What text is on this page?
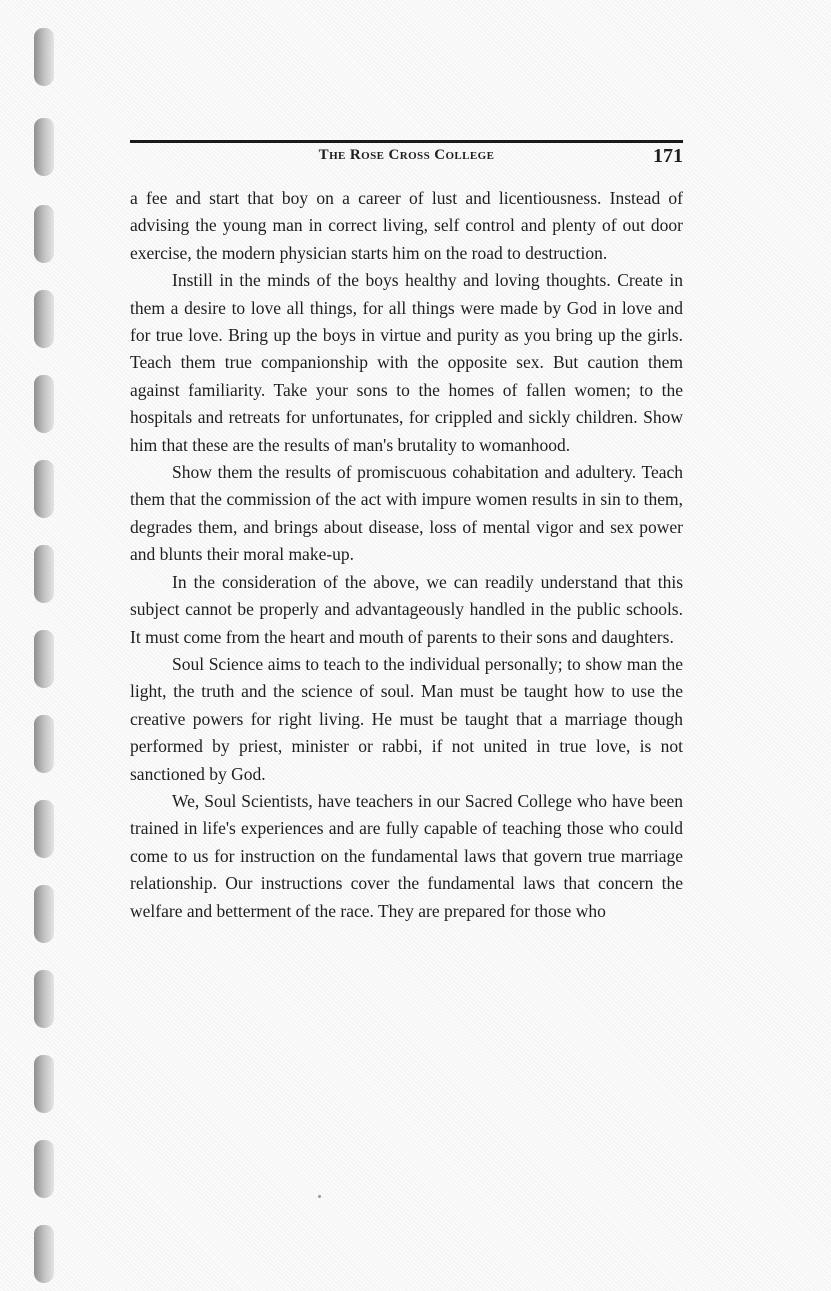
The Rose Cross College	171

a fee and start that boy on a career of lust and licentiousness. Instead of advising the young man in correct living, self control and plenty of out door exercise, the modern physician starts him on the road to destruction.

Instill in the minds of the boys healthy and loving thoughts. Create in them a desire to love all things, for all things were made by God in love and for true love. Bring up the boys in virtue and purity as you bring up the girls. Teach them true companionship with the opposite sex. But caution them against familiarity. Take your sons to the homes of fallen women; to the hospitals and retreats for unfortunates, for crippled and sickly children. Show him that these are the results of man's brutality to womanhood.

Show them the results of promiscuous cohabitation and adultery. Teach them that the commission of the act with impure women results in sin to them, degrades them, and brings about disease, loss of mental vigor and sex power and blunts their moral make-up.

In the consideration of the above, we can readily understand that this subject cannot be properly and advantageously handled in the public schools. It must come from the heart and mouth of parents to their sons and daughters.

Soul Science aims to teach to the individual personally; to show man the light, the truth and the science of soul. Man must be taught how to use the creative powers for right living. He must be taught that a marriage though performed by priest, minister or rabbi, if not united in true love, is not sanctioned by God.

We, Soul Scientists, have teachers in our Sacred College who have been trained in life's experiences and are fully capable of teaching those who could come to us for instruction on the fundamental laws that govern true marriage relationship. Our instructions cover the fundamental laws that concern the welfare and betterment of the race. They are prepared for those who
